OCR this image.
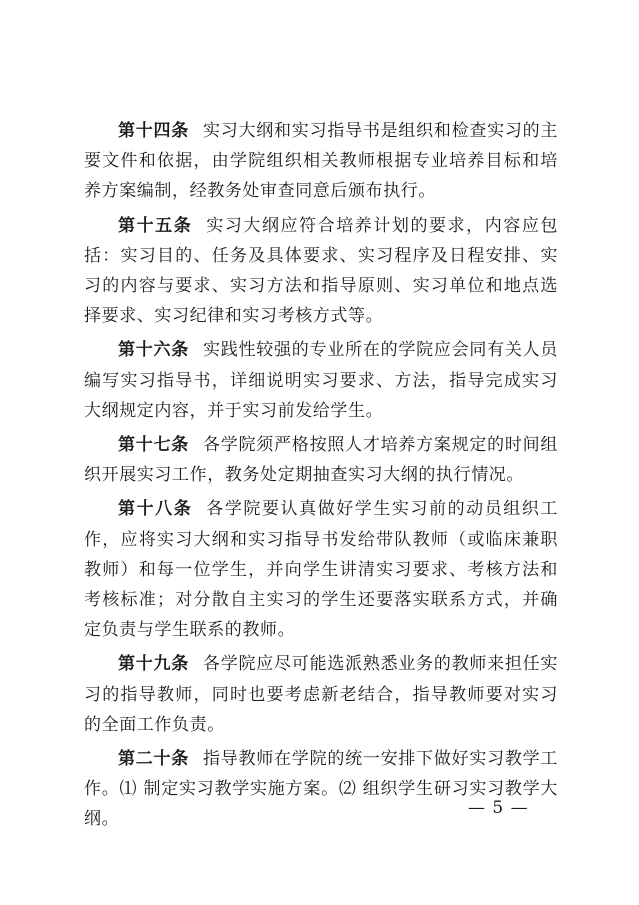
第十四条 实习大纲和实习指导书是组织和检查实习的主要文件和依据，由学院组织相关教师根据专业培养目标和培养方案编制，经教务处审查同意后颁布执行。

第十五条 实习大纲应符合培养计划的要求，内容应包括：实习目的、任务及具体要求、实习程序及日程安排、实习的内容与要求、实习方法和指导原则、实习单位和地点选择要求、实习纪律和实习考核方式等。

第十六条 实践性较强的专业所在的学院应会同有关人员编写实习指导书，详细说明实习要求、方法，指导完成实习大纲规定内容，并于实习前发给学生。

第十七条 各学院须严格按照人才培养方案规定的时间组织开展实习工作，教务处定期抽查实习大纲的执行情况。

第十八条 各学院要认真做好学生实习前的动员组织工作，应将实习大纲和实习指导书发给带队教师（或临床兼职教师）和每一位学生，并向学生讲清实习要求、考核方法和考核标准；对分散自主实习的学生还要落实联系方式，并确定负责与学生联系的教师。

第十九条 各学院应尽可能选派熟悉业务的教师来担任实习的指导教师，同时也要考虑新老结合，指导教师要对实习的全面工作负责。

第二十条 指导教师在学院的统一安排下做好实习教学工作。⑴ 制定实习教学实施方案。⑵ 组织学生研习实习教学大纲。

— 5 —
